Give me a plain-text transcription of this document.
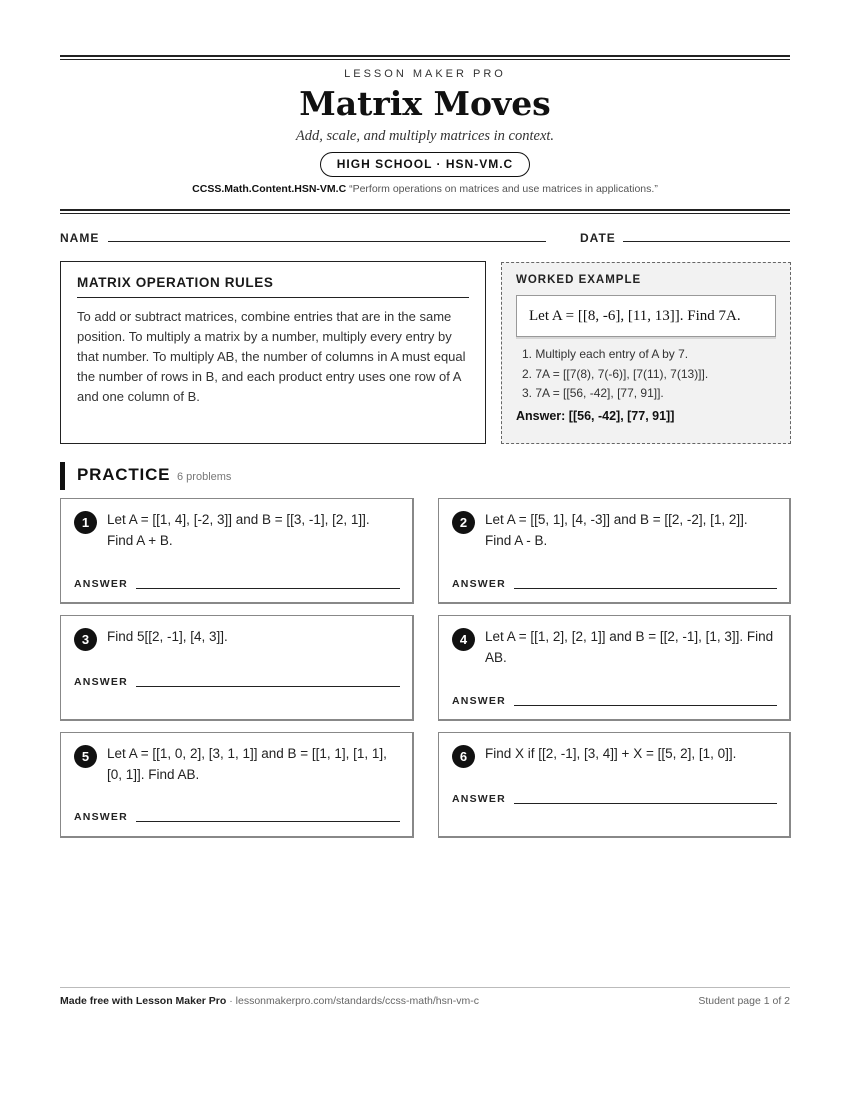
LESSON MAKER PRO
Matrix Moves
Add, scale, and multiply matrices in context.
HIGH SCHOOL · HSN-VM.C
CCSS.Math.Content.HSN-VM.C “Perform operations on matrices and use matrices in applications.”
NAME	DATE
MATRIX OPERATION RULES
To add or subtract matrices, combine entries that are in the same position. To multiply a matrix by a number, multiply every entry by that number. To multiply AB, the number of columns in A must equal the number of rows in B, and each product entry uses one row of A and one column of B.
WORKED EXAMPLE
Let A = [[8, -6], [11, 13]]. Find 7A.
1. Multiply each entry of A by 7.
2. 7A = [[7(8), 7(-6)], [7(11), 7(13)]].
3. 7A = [[56, -42], [77, 91]].
Answer: [[56, -42], [77, 91]]
PRACTICE 6 problems
1	Let A = [[1, 4], [-2, 3]] and B = [[3, -1], [2, 1]]. Find A + B.
ANSWER
2	Let A = [[5, 1], [4, -3]] and B = [[2, -2], [1, 2]]. Find A - B.
ANSWER
3	Find 5[[2, -1], [4, 3]].
ANSWER
4	Let A = [[1, 2], [2, 1]] and B = [[2, -1], [1, 3]]. Find AB.
ANSWER
5	Let A = [[1, 0, 2], [3, 1, 1]] and B = [[1, 1], [1, 1], [0, 1]]. Find AB.
ANSWER
6	Find X if [[2, -1], [3, 4]] + X = [[5, 2], [1, 0]].
ANSWER
Made free with Lesson Maker Pro · lessonmakerpro.com/standards/ccss-math/hsn-vm-c	Student page 1 of 2
